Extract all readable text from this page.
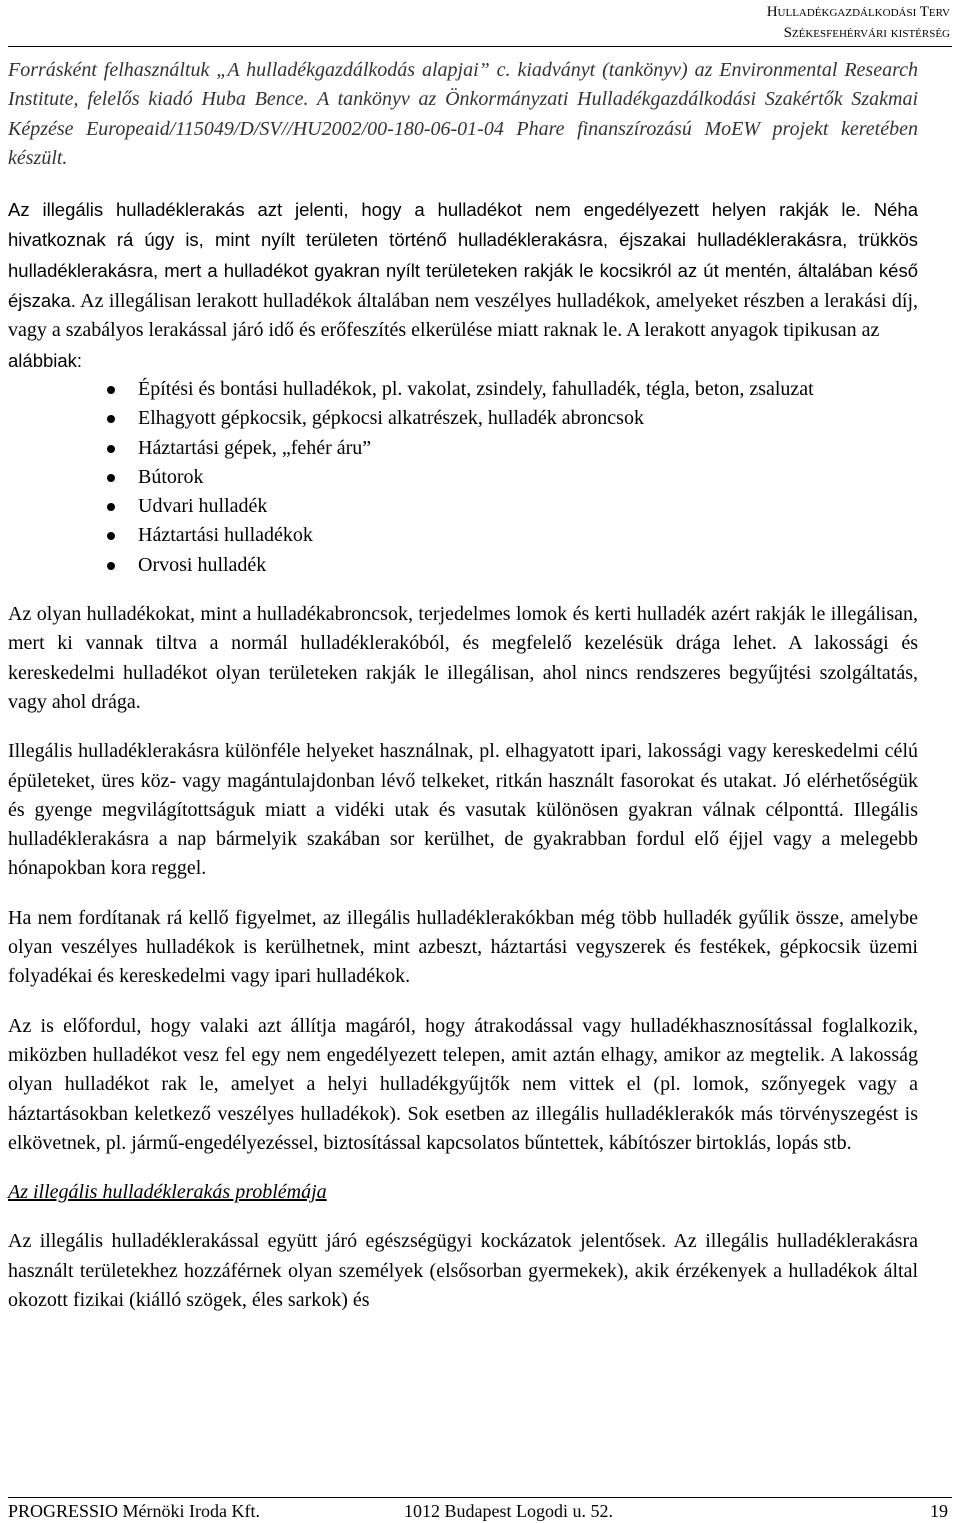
Hulladékgazdálkodási Terv
Székesfehérvári kistérség

Forrásként felhasználtuk „A hulladékgazdálkodás alapjai” c. kiadványt (tankönyv) az Environmental Research Institute, felelős kiadó Huba Bence. A tankönyv az Önkormányzati Hulladékgazdálkodási Szakértők Szakmai Képzése Europeaid/115049/D/SV//HU2002/00-180-06-01-04 Phare finanszírozású MoEW projekt keretében készült.

Az illegális hulladéklerakás azt jelenti, hogy a hulladékot nem engedélyezett helyen rakják le. Néha hivatkoznak rá úgy is, mint nyílt területen történő hulladéklerakásra, éjszakai hulladéklerakásra, trükkös hulladéklerakásra, mert a hulladékot gyakran nyílt területeken rakják le kocsikról az út mentén, általában késő éjszaka. Az illegálisan lerakott hulladékok általában nem veszélyes hulladékok, amelyeket részben a lerakási díj, vagy a szabályos lerakással járó idő és erőfeszítés elkerülése miatt raknak le. A lerakott anyagok tipikusan az

alábbiak:

Építési és bontási hulladékok, pl. vakolat, zsindely, fahulladék, tégla, beton, zsaluzat
Elhagyott gépkocsik, gépkocsi alkatrészek, hulladék abroncsok
Háztartási gépek, „fehér áru”
Bútorok
Udvari hulladék
Háztartási hulladékok
Orvosi hulladék

Az olyan hulladékokat, mint a hulladékabroncsok, terjedelmes lomok és kerti hulladék azért rakják le illegálisan, mert ki vannak tiltva a normál hulladéklerakóból, és megfelelő kezelésük drága lehet. A lakossági és kereskedelmi hulladékot olyan területeken rakják le illegálisan, ahol nincs rendszeres begyűjtési szolgáltatás, vagy ahol drága.

Illegális hulladéklerakásra különféle helyeket használnak, pl. elhagyatott ipari, lakossági vagy kereskedelmi célú épületeket, üres köz- vagy magántulajdonban lévő telkeket, ritkán használt fasorokat és utakat. Jó elérhetőségük és gyenge megvilágítottságuk miatt a vidéki utak és vasutak különösen gyakran válnak célponttá. Illegális hulladéklerakásra a nap bármelyik szakában sor kerülhet, de gyakrabban fordul elő éjjel vagy a melegebb hónapokban kora reggel.

Ha nem fordítanak rá kellő figyelmet, az illegális hulladéklerakókban még több hulladék gyűlik össze, amelybe olyan veszélyes hulladékok is kerülhetnek, mint azbeszt, háztartási vegyszerek és festékek, gépkocsik üzemi folyadékai és kereskedelmi vagy ipari hulladékok.

Az is előfordul, hogy valaki azt állítja magáról, hogy átrakodással vagy hulladékhasznosítással foglalkozik, miközben hulladékot vesz fel egy nem engedélyezett telepen, amit aztán elhagy, amikor az megtelik. A lakosság olyan hulladékot rak le, amelyet a helyi hulladékgyűjtők nem vittek el (pl. lomok, szőnyegek vagy a háztartásokban keletkező veszélyes hulladékok). Sok esetben az illegális hulladéklerakók más törvényszegést is elkövetnek, pl. jármű-engedélyezéssel, biztosítással kapcsolatos bűntettek, kábítószer birtoklás, lopás stb.

Az illegális hulladéklerakás problémája

Az illegális hulladéklerakással együtt járó egészségügyi kockázatok jelentősek. Az illegális hulladéklerakásra használt területekhez hozzáférnek olyan személyek (elsősorban gyermekek), akik érzékenyek a hulladékok által okozott fizikai (kiálló szögek, éles sarkok) és

PROGRESSIO Mérnöki Iroda Kft.	1012 Budapest Logodi u. 52.	19
